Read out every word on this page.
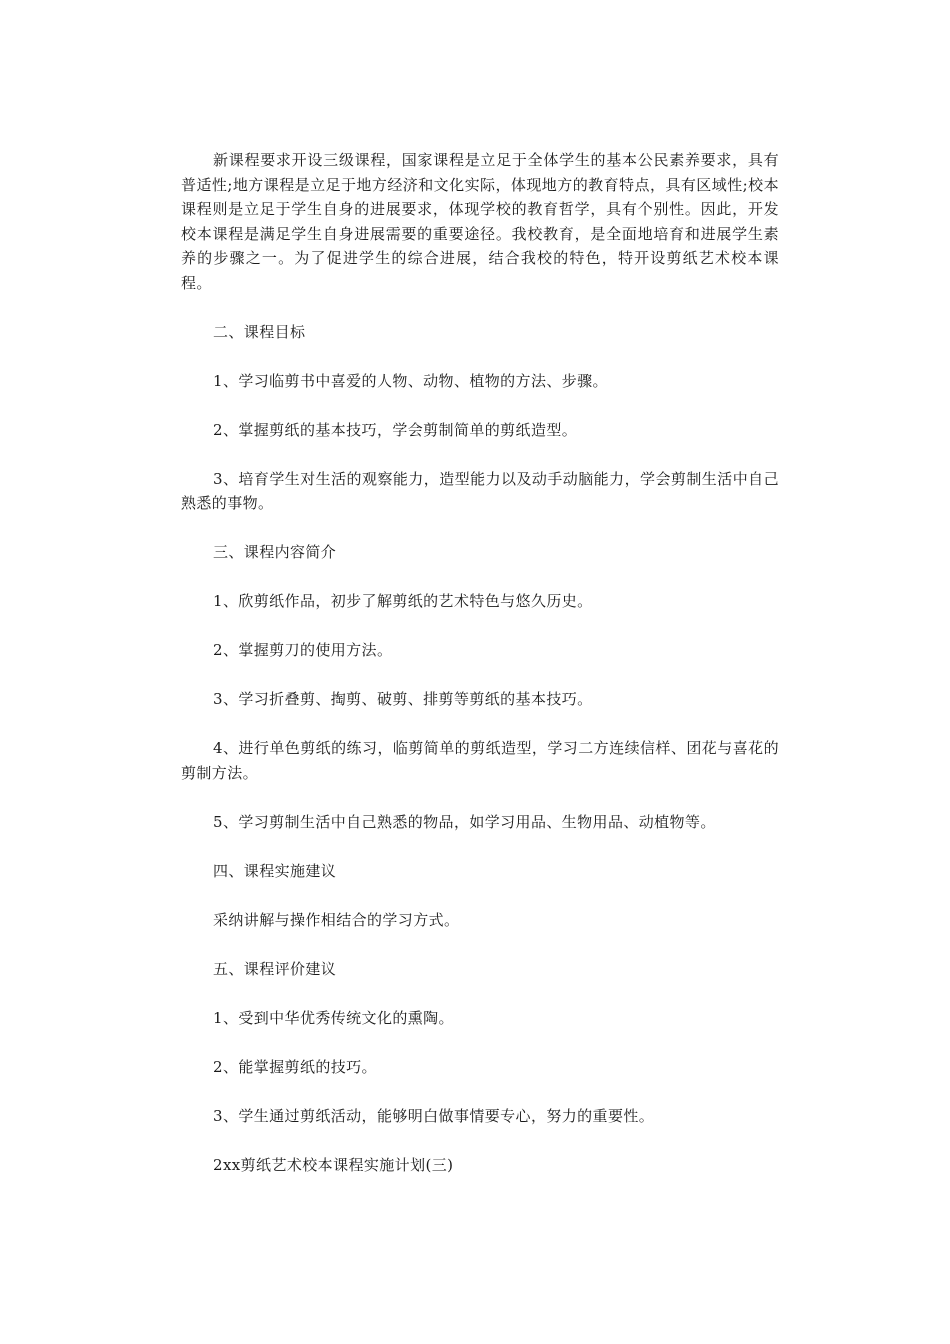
新课程要求开设三级课程，国家课程是立足于全体学生的基本公民素养要求，具有普适性;地方课程是立足于地方经济和文化实际，体现地方的教育特点，具有区域性;校本课程则是立足于学生自身的进展要求，体现学校的教育哲学，具有个别性。因此，开发校本课程是满足学生自身进展需要的重要途径。我校教育，是全面地培育和进展学生素养的步骤之一。为了促进学生的综合进展，结合我校的特色，特开设剪纸艺术校本课程。

二、课程目标

1、学习临剪书中喜爱的人物、动物、植物的方法、步骤。

2、掌握剪纸的基本技巧，学会剪制简单的剪纸造型。

3、培育学生对生活的观察能力，造型能力以及动手动脑能力，学会剪制生活中自己熟悉的事物。

三、课程内容简介

1、欣剪纸作品，初步了解剪纸的艺术特色与悠久历史。

2、掌握剪刀的使用方法。

3、学习折叠剪、掏剪、破剪、排剪等剪纸的基本技巧。

4、进行单色剪纸的练习，临剪简单的剪纸造型，学习二方连续信样、团花与喜花的剪制方法。

5、学习剪制生活中自己熟悉的物品，如学习用品、生物用品、动植物等。

四、课程实施建议

采纳讲解与操作相结合的学习方式。

五、课程评价建议

1、受到中华优秀传统文化的熏陶。

2、能掌握剪纸的技巧。

3、学生通过剪纸活动，能够明白做事情要专心，努力的重要性。

2xx剪纸艺术校本课程实施计划(三)
